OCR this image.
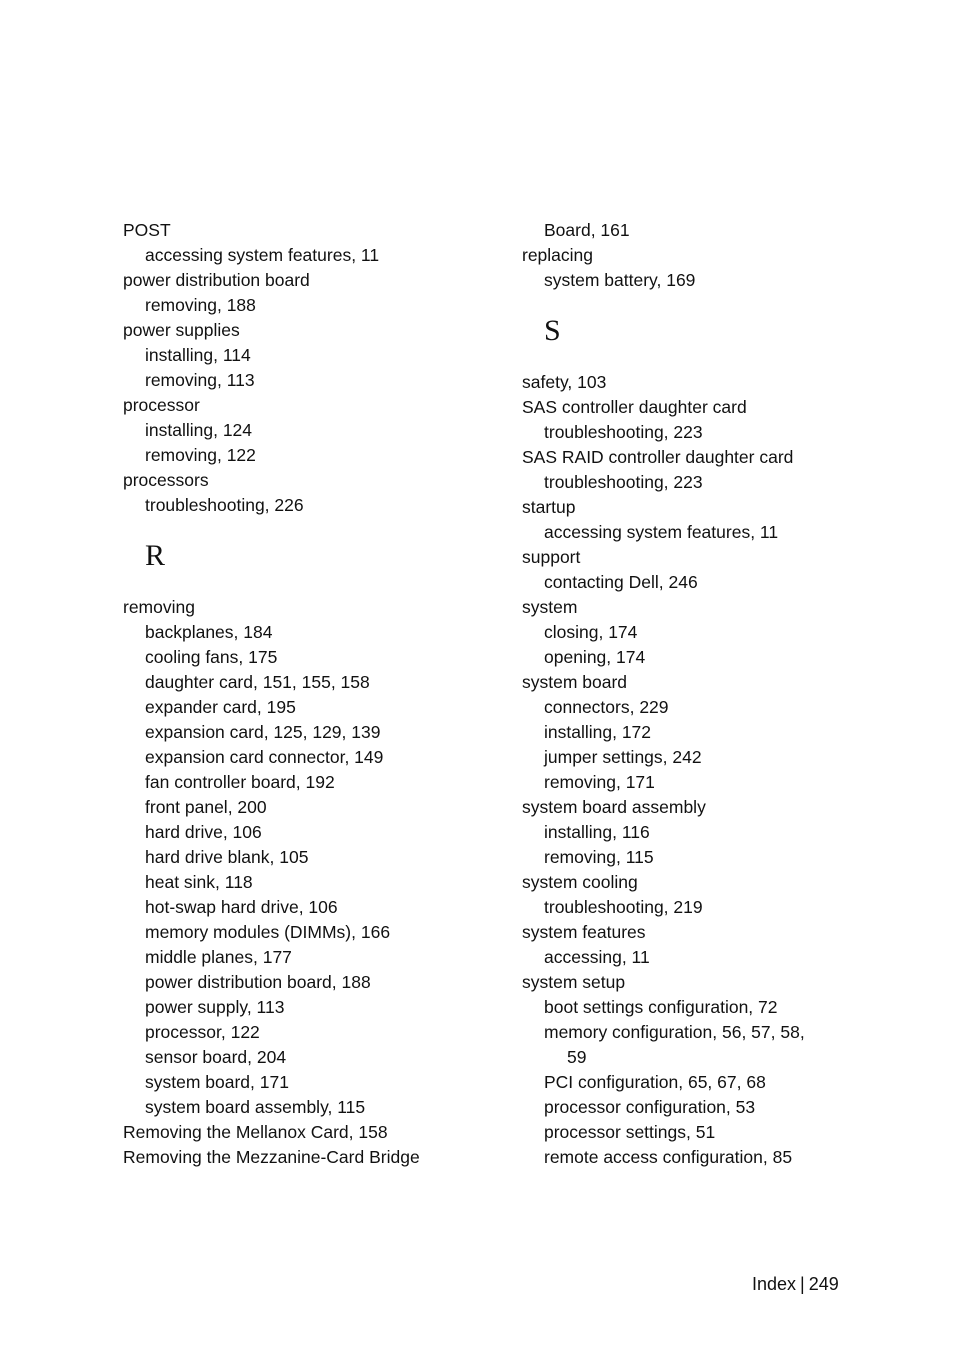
POST
accessing system features, 11
power distribution board
removing, 188
power supplies
installing, 114
removing, 113
processor
installing, 124
removing, 122
processors
troubleshooting, 226
R
removing
backplanes, 184
cooling fans, 175
daughter card, 151, 155, 158
expander card, 195
expansion card, 125, 129, 139
expansion card connector, 149
fan controller board, 192
front panel, 200
hard drive, 106
hard drive blank, 105
heat sink, 118
hot-swap hard drive, 106
memory modules (DIMMs), 166
middle planes, 177
power distribution board, 188
power supply, 113
processor, 122
sensor board, 204
system board, 171
system board assembly, 115
Removing the Mellanox Card, 158
Removing the Mezzanine-Card Bridge
Board, 161
replacing
system battery, 169
S
safety, 103
SAS controller daughter card
troubleshooting, 223
SAS RAID controller daughter card
troubleshooting, 223
startup
accessing system features, 11
support
contacting Dell, 246
system
closing, 174
opening, 174
system board
connectors, 229
installing, 172
jumper settings, 242
removing, 171
system board assembly
installing, 116
removing, 115
system cooling
troubleshooting, 219
system features
accessing, 11
system setup
boot settings configuration, 72
memory configuration, 56, 57, 58,
59
PCI configuration, 65, 67, 68
processor configuration, 53
processor settings, 51
remote access configuration, 85
Index | 249
